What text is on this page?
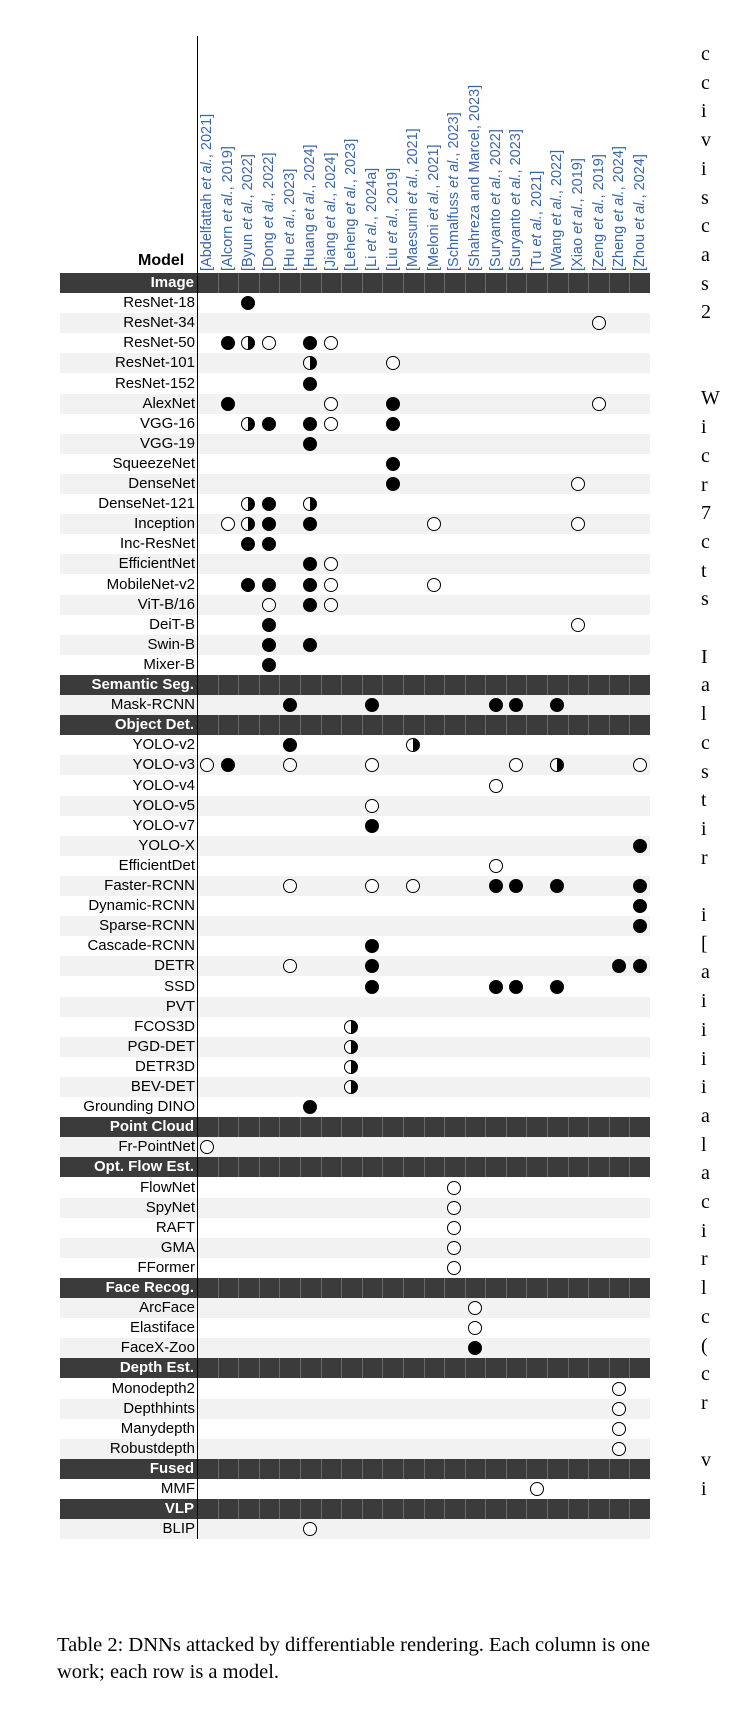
Model
Image
ResNet-18
ResNet-34
ResNet-50
ResNet-101
ResNet-152
AlexNet
VGG-16
VGG-19
SqueezeNet
DenseNet
DenseNet-121
Inception
Inc-ResNet
EfficientNet
MobileNet-v2
ViT-B/16
DeiT-B
Swin-B
Mixer-B
Semantic Seg.
Mask-RCNN
Object Det.
YOLO-v2
YOLO-v3
YOLO-v4
YOLO-v5
YOLO-v7
YOLO-X
EfficientDet
Faster-RCNN
Dynamic-RCNN
Sparse-RCNN
Cascade-RCNN
DETR
SSD
PVT
FCOS3D
PGD-DET
DETR3D
BEV-DET
Grounding DINO
Point Cloud
Fr-PointNet
Opt. Flow Est.
FlowNet
SpyNet
RAFT
GMA
FFormer
Face Recog.
ArcFace
Elastiface
FaceX-Zoo
Depth Est.
Monodepth2
Depthhints
Manydepth
Robustdepth
Fused
MMF
VLP
BLIP
Table 2: DNNs attacked by differentiable rendering. Each column is one work; each row is a model.
c
c
i
v
i
s
c
a
s
2
W
i
c
r
7
c
t
s
I
a
l
c
s
t
i
r
i
[
a
i
i
i
i
a
l
a
c
i
r
l
c
(
c
r
v
i
[Abdelfattah et al., 2021]
[Alcorn et al., 2019]
[Byun et al., 2022]
[Dong et al., 2022]
[Hu et al., 2023]
[Huang et al., 2024]
[Jiang et al., 2024]
[Leheng et al., 2023]
[Li et al., 2024a]
[Liu et al., 2019]
[Maesumi et al., 2021]
[Meloni et al., 2021]
[Schmalfuss et al., 2023] [Shahreza and Marcel, 2023] [Suryanto et al., 2022]
[Suryanto et al., 2023]
[Tu et al., 2021]
[Wang et al., 2022]
[Xiao et al., 2019]
[Zeng et al., 2019]
[Zheng et al., 2024]
[Zhou et al., 2024]
